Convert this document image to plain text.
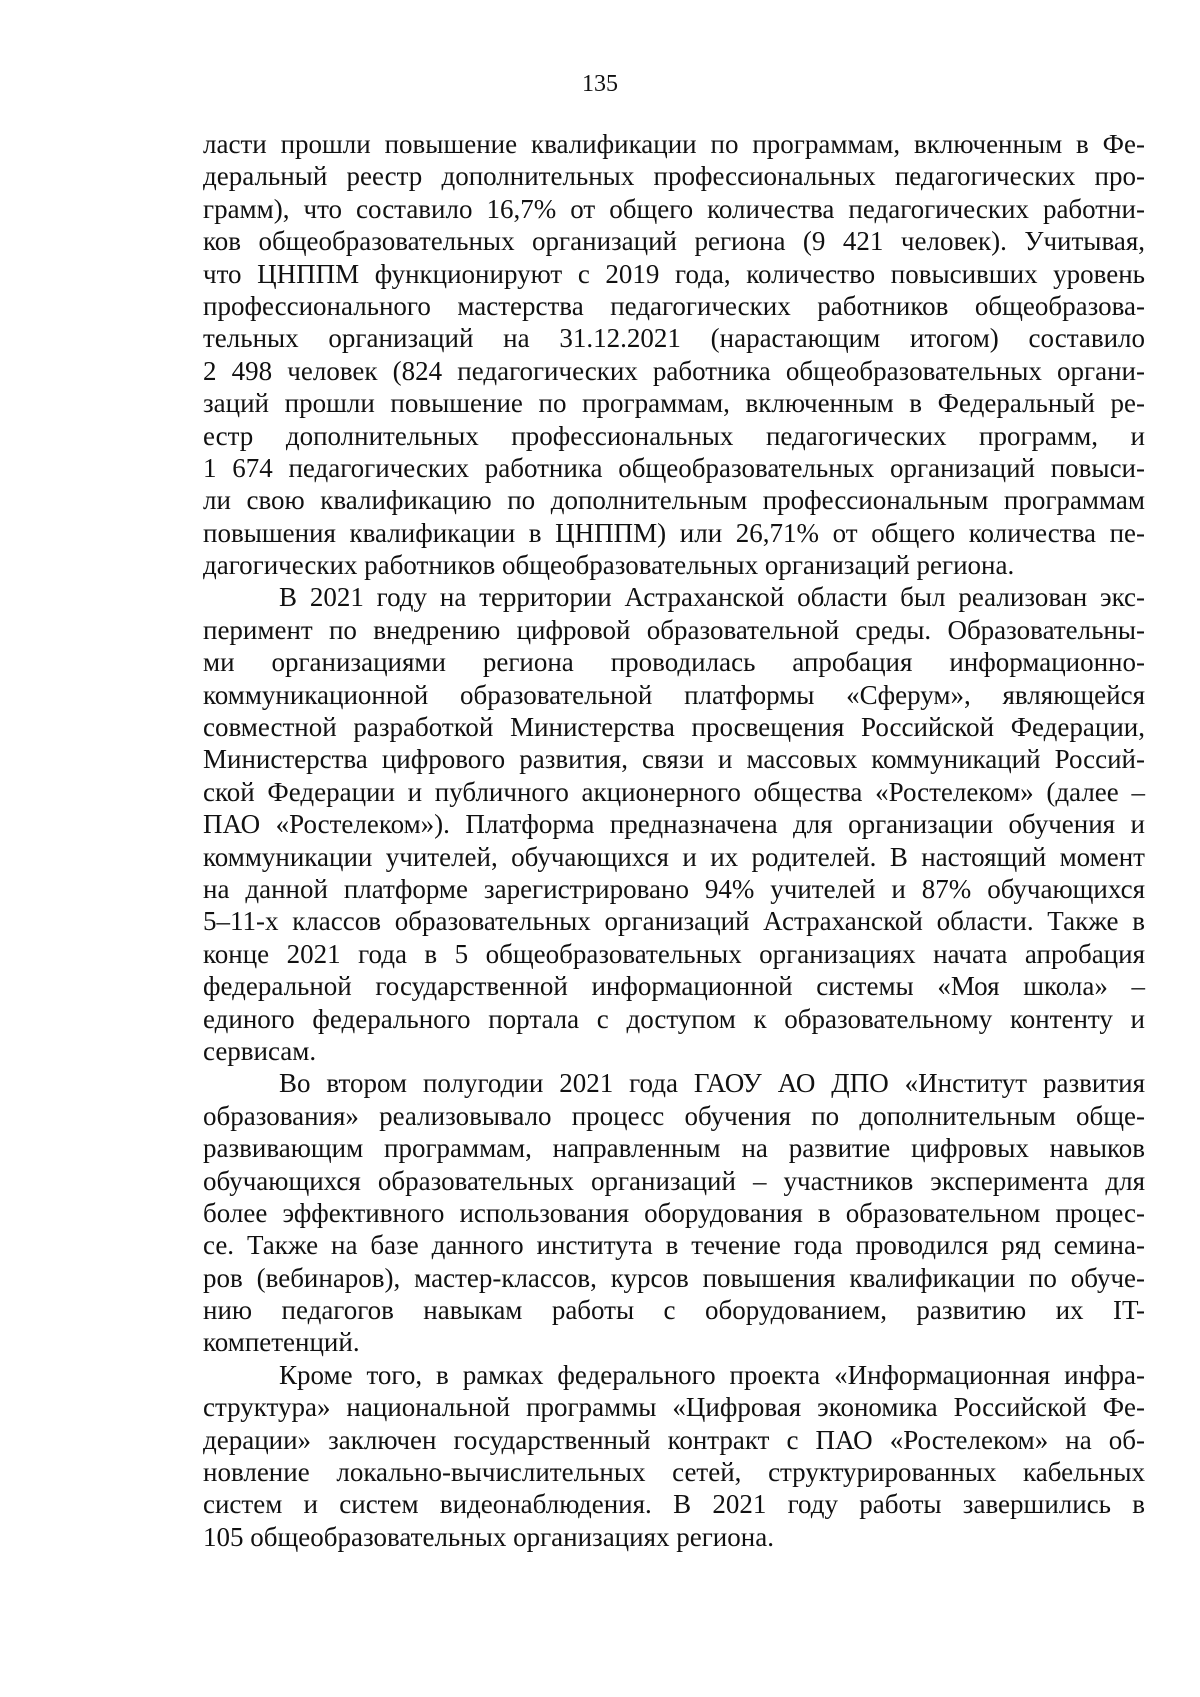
135
ласти прошли повышение квалификации по программам, включенным в Фе-
деральный реестр дополнительных профессиональных педагогических про-
грамм), что составило 16,7% от общего количества педагогических работни-
ков общеобразовательных организаций региона (9 421 человек). Учитывая,
что ЦНППМ функционируют с 2019 года, количество повысивших уровень
профессионального мастерства педагогических работников общеобразова-
тельных организаций на 31.12.2021 (нарастающим итогом) составило
2 498 человек (824 педагогических работника общеобразовательных органи-
заций прошли повышение по программам, включенным в Федеральный ре-
естр дополнительных профессиональных педагогических программ, и
1 674 педагогических работника общеобразовательных организаций повыси-
ли свою квалификацию по дополнительным профессиональным программам
повышения квалификации в ЦНППМ) или 26,71% от общего количества пе-
дагогических работников общеобразовательных организаций региона.
В 2021 году на территории Астраханской области был реализован экс-
перимент по внедрению цифровой образовательной среды. Образовательны-
ми организациями региона проводилась апробация информационно-
коммуникационной образовательной платформы «Сферум», являющейся
совместной разработкой Министерства просвещения Российской Федерации,
Министерства цифрового развития, связи и массовых коммуникаций Россий-
ской Федерации и публичного акционерного общества «Ростелеком» (далее –
ПАО «Ростелеком»). Платформа предназначена для организации обучения и
коммуникации учителей, обучающихся и их родителей. В настоящий момент
на данной платформе зарегистрировано 94% учителей и 87% обучающихся
5–11-х классов образовательных организаций Астраханской области. Также в
конце 2021 года в 5 общеобразовательных организациях начата апробация
федеральной государственной информационной системы «Моя школа» –
единого федерального портала с доступом к образовательному контенту и
сервисам.
Во втором полугодии 2021 года ГАОУ АО ДПО «Институт развития
образования» реализовывало процесс обучения по дополнительным обще-
развивающим программам, направленным на развитие цифровых навыков
обучающихся образовательных организаций – участников эксперимента для
более эффективного использования оборудования в образовательном процес-
се. Также на базе данного института в течение года проводился ряд семина-
ров (вебинаров), мастер-классов, курсов повышения квалификации по обуче-
нию педагогов навыкам работы с оборудованием, развитию их IT-
компетенций.
Кроме того, в рамках федерального проекта «Информационная инфра-
структура» национальной программы «Цифровая экономика Российской Фе-
дерации» заключен государственный контракт с ПАО «Ростелеком» на об-
новление локально-вычислительных сетей, структурированных кабельных
систем и систем видеонаблюдения. В 2021 году работы завершились в
105 общеобразовательных организациях региона.
